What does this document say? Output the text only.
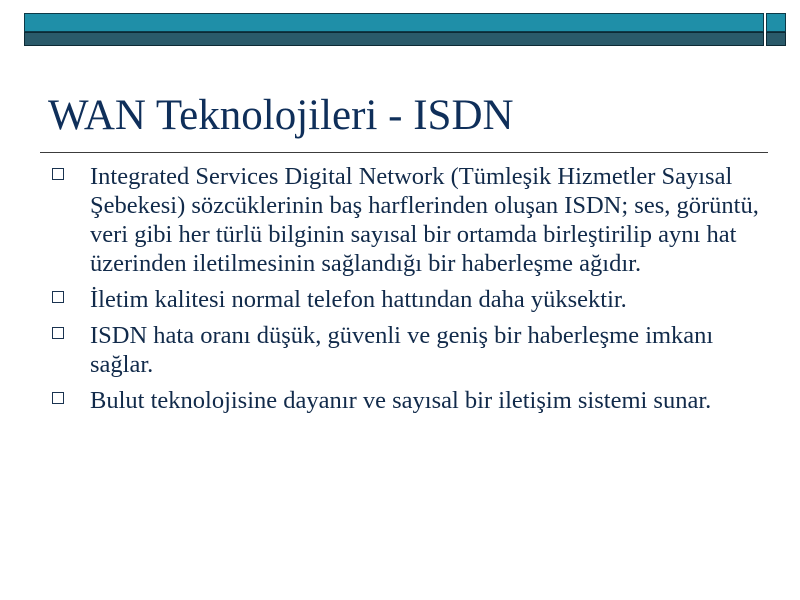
WAN Teknolojileri - ISDN
Integrated Services Digital Network (Tümleşik Hizmetler Sayısal Şebekesi) sözcüklerinin baş harflerinden oluşan ISDN; ses, görüntü, veri gibi her türlü bilginin sayısal bir ortamda birleştirilip aynı hat üzerinden iletilmesinin sağlandığı bir haberleşme ağıdır.
İletim kalitesi normal telefon hattından daha yüksektir.
ISDN hata oranı düşük, güvenli ve geniş bir haberleşme imkanı sağlar.
Bulut teknolojisine dayanır ve sayısal bir iletişim sistemi sunar.
